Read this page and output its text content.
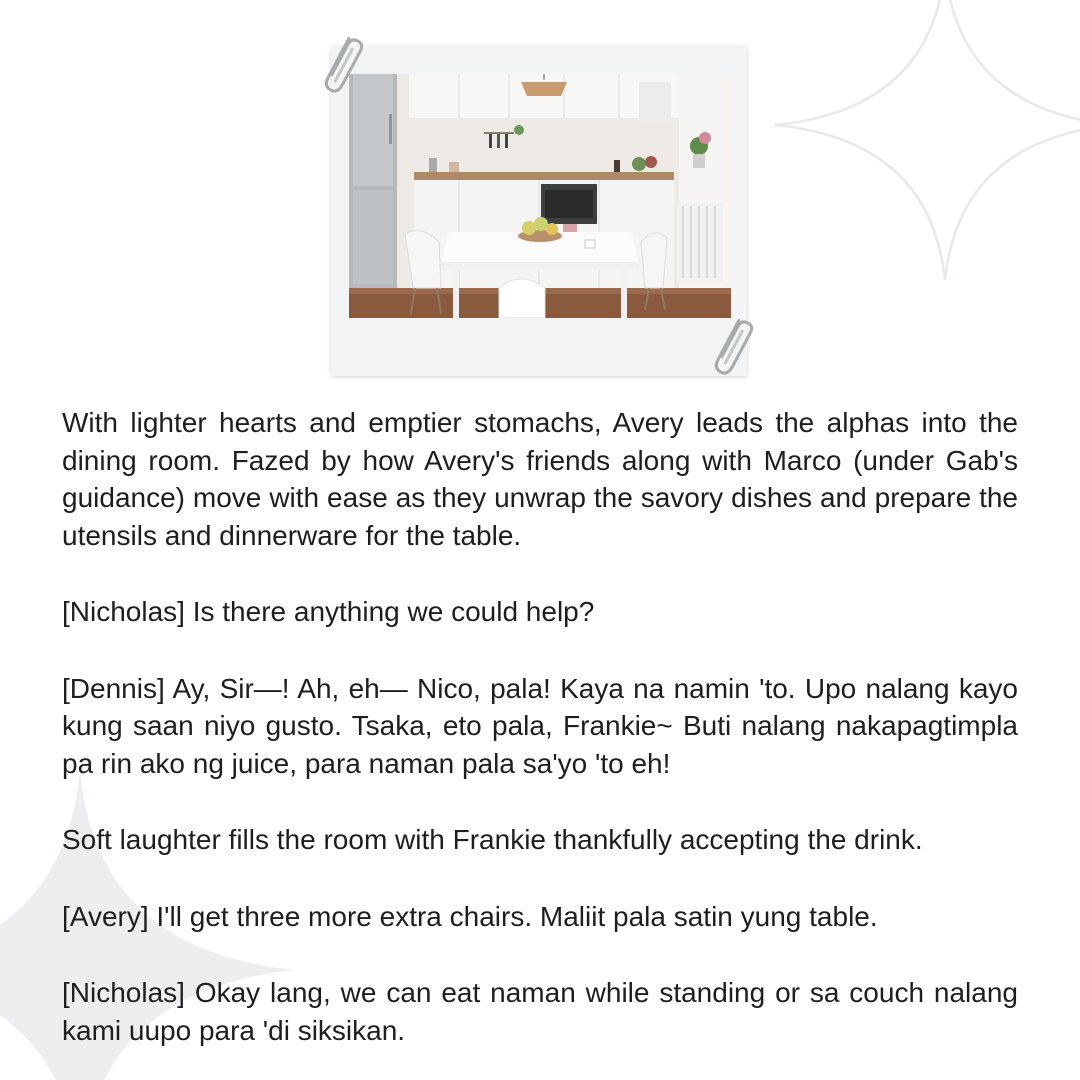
With lighter hearts and emptier stomachs, Avery leads the alphas into the dining room. Fazed by how Avery's friends along with Marco (under Gab's guidance) move with ease as they unwrap the savory dishes and prepare the utensils and dinnerware for the table.

[Nicholas] Is there anything we could help?

[Dennis] Ay, Sir—! Ah, eh— Nico, pala! Kaya na namin 'to. Upo nalang kayo kung saan niyo gusto. Tsaka, eto pala, Frankie~ Buti nalang nakapagtimpla pa rin ako ng juice, para naman pala sa'yo 'to eh!

Soft laughter fills the room with Frankie thankfully accepting the drink.

[Avery] I'll get three more extra chairs. Maliit pala satin yung table.

[Nicholas] Okay lang, we can eat naman while standing or sa couch nalang kami uupo para 'di siksikan.
